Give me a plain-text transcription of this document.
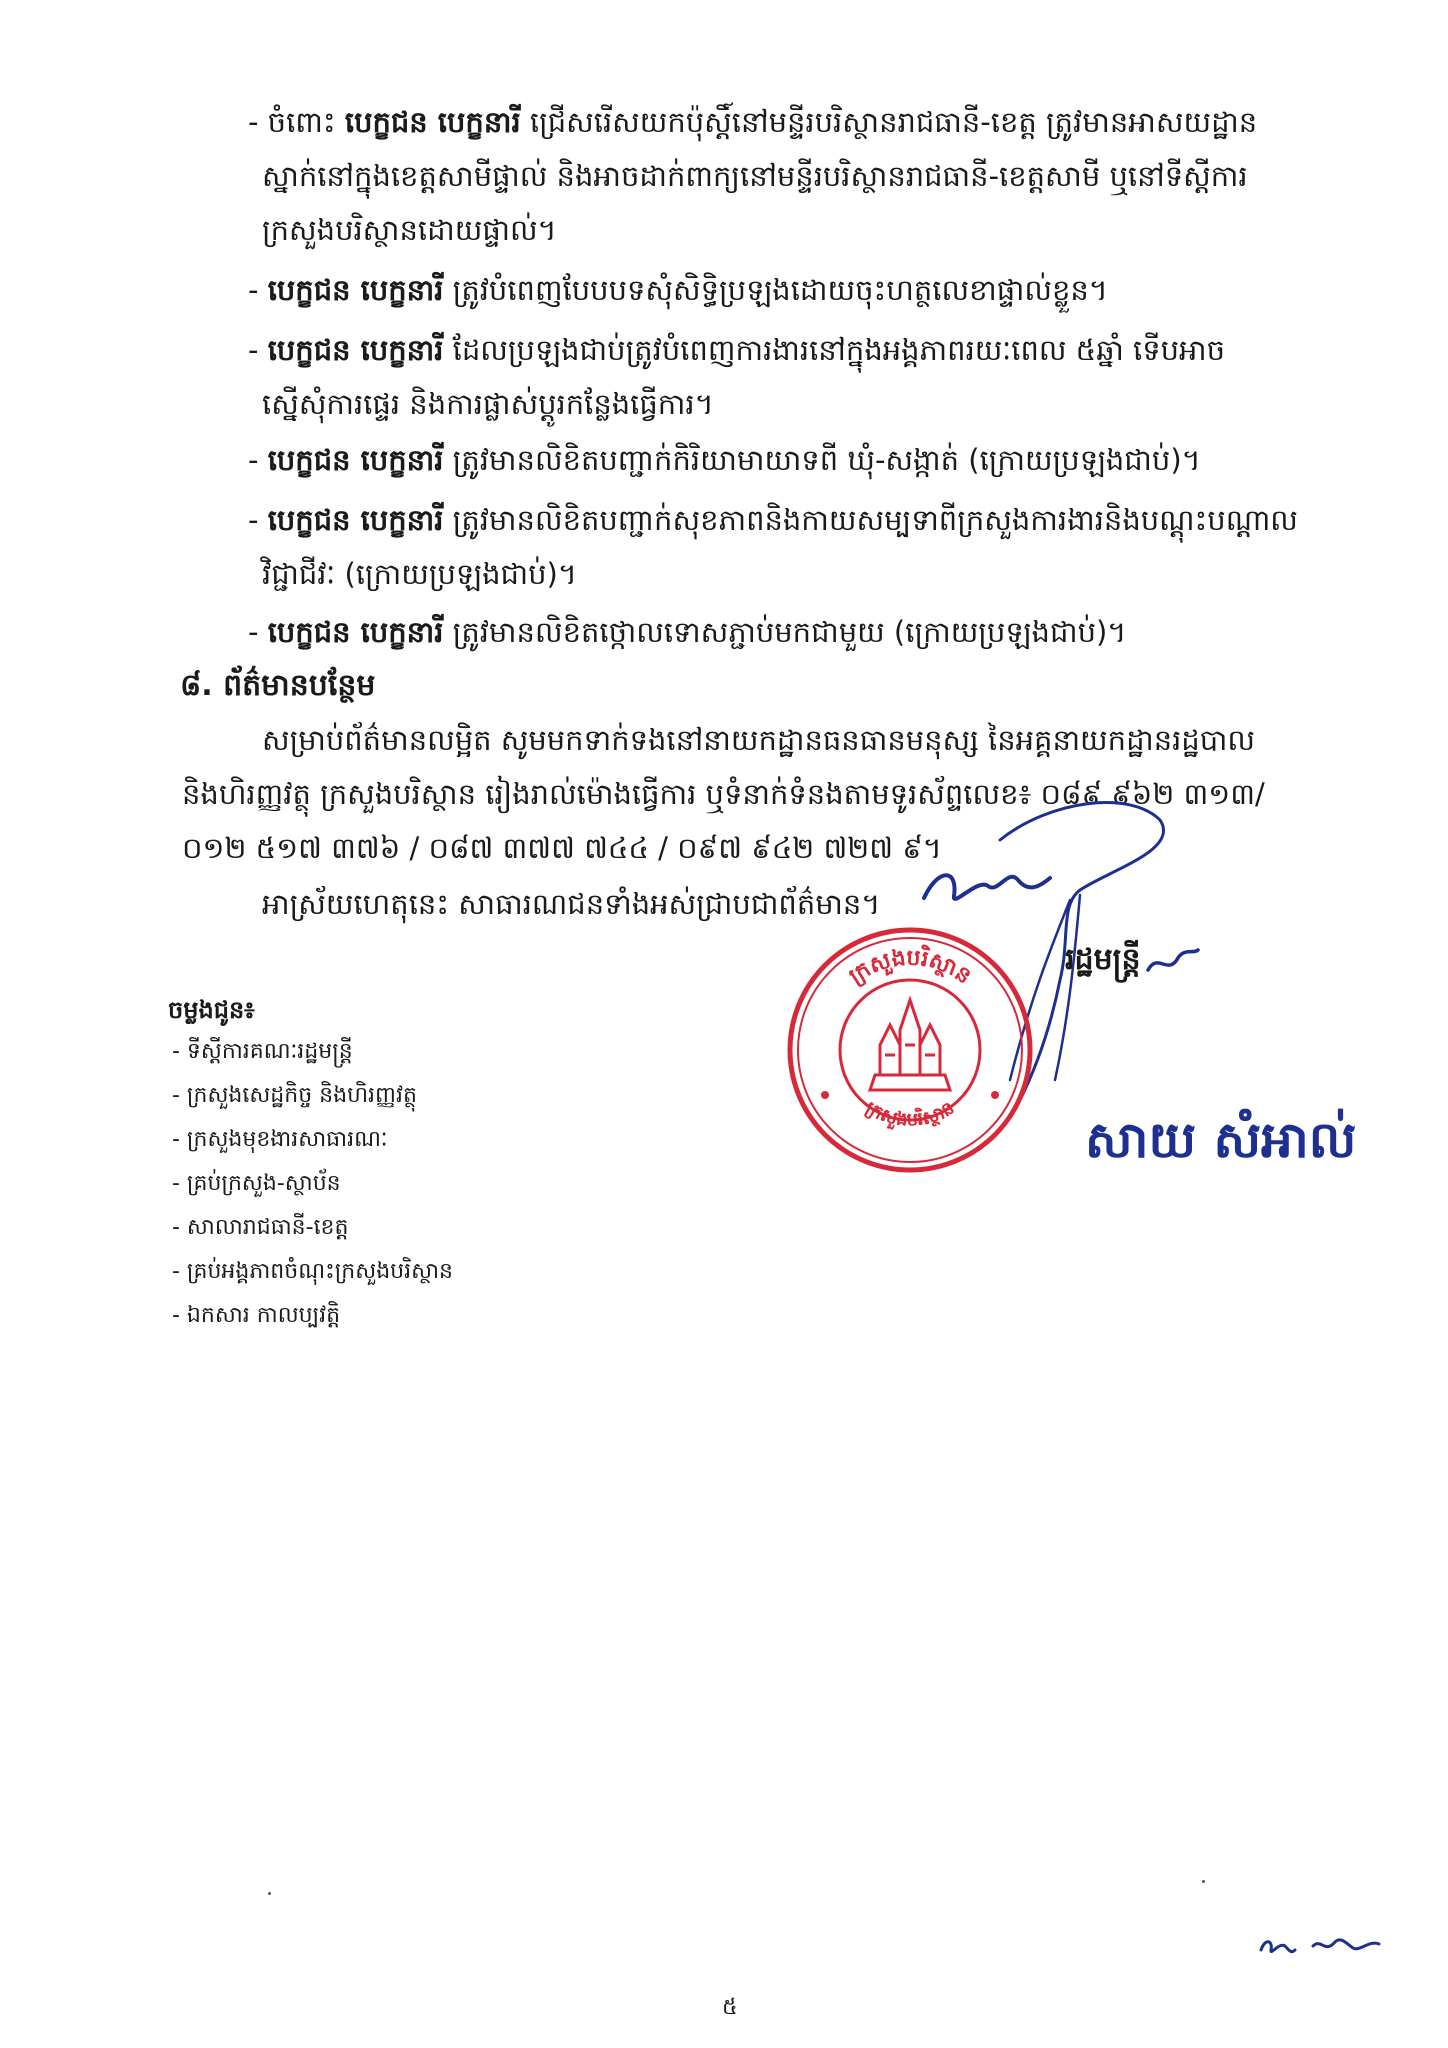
- ចំពោះ បេក្ខជន បេក្ខនារី ជ្រើសរើសយកប៉ុស្តិ៍នៅមន្ទីរបរិស្ថានរាជធានី-ខេត្ត ត្រូវមានអាសយដ្ឋាន
ស្នាក់នៅក្នុងខេត្តសាមីផ្ទាល់ និងអាចដាក់ពាក្យនៅមន្ទីរបរិស្ថានរាជធានី-ខេត្តសាមី ឬនៅទីស្តីការ
ក្រសួងបរិស្ថានដោយផ្ទាល់។
- បេក្ខជន បេក្ខនារី ត្រូវបំពេញបែបបទសុំសិទ្ធិប្រឡងដោយចុះហត្ថលេខាផ្ទាល់ខ្លួន។
- បេក្ខជន បេក្ខនារី ដែលប្រឡងជាប់ត្រូវបំពេញការងារនៅក្នុងអង្គភាពរយៈពេល ៥ឆ្នាំ ទើបអាច
ស្នើសុំការផ្ទេរ និងការផ្លាស់ប្តូរកន្លែងធ្វើការ។
- បេក្ខជន បេក្ខនារី ត្រូវមានលិខិតបញ្ជាក់កិរិយាមាយាទពី ឃុំ-សង្កាត់ (ក្រោយប្រឡងជាប់)។
- បេក្ខជន បេក្ខនារី ត្រូវមានលិខិតបញ្ជាក់សុខភាពនិងកាយសម្បទាពីក្រសួងការងារនិងបណ្តុះបណ្តាល
វិជ្ជាជីវៈ (ក្រោយប្រឡងជាប់)។
- បេក្ខជន បេក្ខនារី ត្រូវមានលិខិតថ្កោលទោសភ្ជាប់មកជាមួយ (ក្រោយប្រឡងជាប់)។
៨. ព័ត៌មានបន្ថែម
សម្រាប់ព័ត៌មានលម្អិត សូមមកទាក់ទងនៅនាយកដ្ឋានធនធានមនុស្ស នៃអគ្គនាយកដ្ឋានរដ្ឋបាល
និងហិរញ្ញវត្ថុ ក្រសួងបរិស្ថាន រៀងរាល់ម៉ោងធ្វើការ ឬទំនាក់ទំនងតាមទូរស័ព្ទលេខ៖ ០៨៩ ៩៦២ ៣១៣/
០១២ ៥១៧ ៣៧៦ / ០៨៧ ៣៧៧ ៧៤៤ / ០៩៧ ៩៤២ ៧២៧ ៩។
អាស្រ័យហេតុនេះ សាធារណជនទាំងអស់ជ្រាបជាព័ត៌មាន។
រដ្ឋមន្ត្រី
ក្រសួងបរិស្ថាន
ក្រសួងបរិស្ថាន
សាយ សំអាល់
ចម្លងជូន៖
- ទីស្តីការគណៈរដ្ឋមន្ត្រី
- ក្រសួងសេដ្ឋកិច្ច និងហិរញ្ញវត្ថុ
- ក្រសួងមុខងារសាធារណៈ
- គ្រប់ក្រសួង-ស្ថាប័ន
- សាលារាជធានី-ខេត្ត
- គ្រប់អង្គភាពចំណុះក្រសួងបរិស្ថាន
- ឯកសារ កាលប្បវត្តិ
៥
